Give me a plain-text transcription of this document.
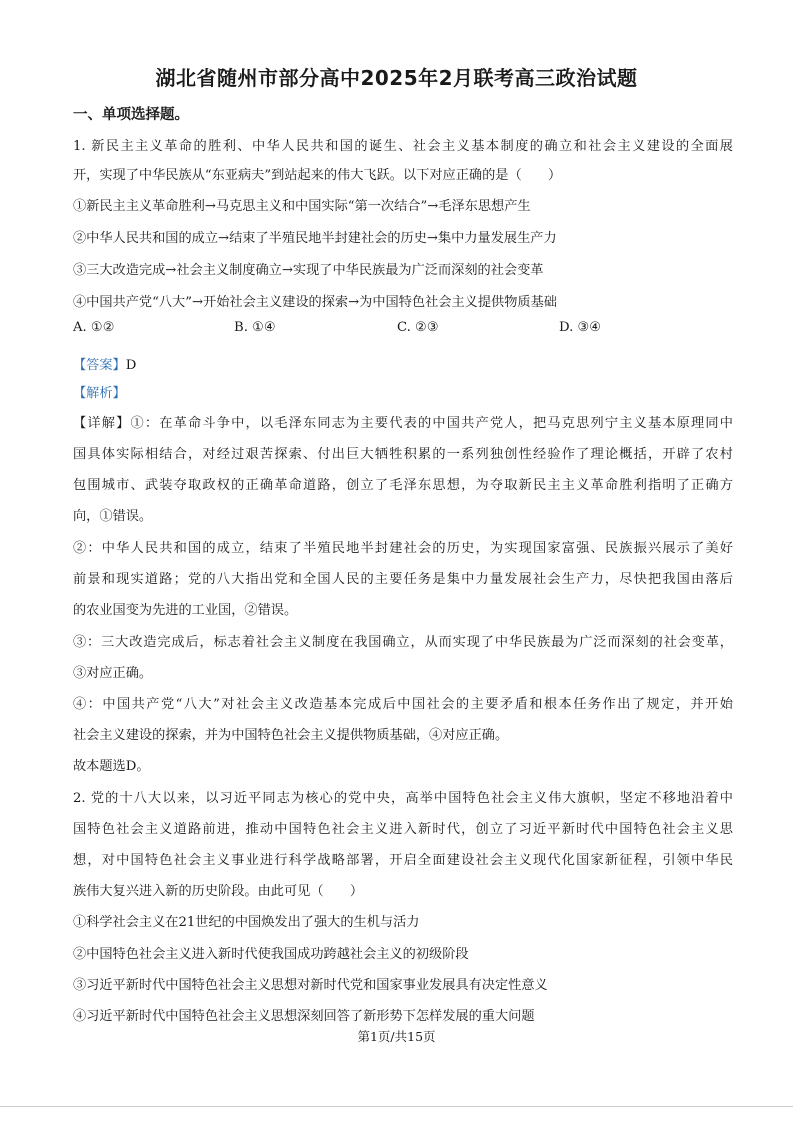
湖北省随州市部分高中2025年2月联考高三政治试题
一、单项选择题。
1. 新民主主义革命的胜利、中华人民共和国的诞生、社会主义基本制度的确立和社会主义建设的全面展
开，实现了中华民族从“东亚病夫”到站起来的伟大飞跃。以下对应正确的是（　　）
①新民主主义革命胜利→马克思主义和中国实际“第一次结合”→毛泽东思想产生
②中华人民共和国的成立→结束了半殖民地半封建社会的历史→集中力量发展生产力
③三大改造完成→社会主义制度确立→实现了中华民族最为广泛而深刻的社会变革
④中国共产党“八大”→开始社会主义建设的探索→为中国特色社会主义提供物质基础
A. ①②	B. ①④	C. ②③	D. ③④
【答案】D
【解析】
【详解】①：在革命斗争中，以毛泽东同志为主要代表的中国共产党人，把马克思列宁主义基本原理同中
国具体实际相结合，对经过艰苦探索、付出巨大牺牲积累的一系列独创性经验作了理论概括，开辟了农村
包围城市、武装夺取政权的正确革命道路，创立了毛泽东思想，为夺取新民主主义革命胜利指明了正确方
向，①错误。
②：中华人民共和国的成立，结束了半殖民地半封建社会的历史，为实现国家富强、民族振兴展示了美好
前景和现实道路；党的八大指出党和全国人民的主要任务是集中力量发展社会生产力，尽快把我国由落后
的农业国变为先进的工业国，②错误。
③：三大改造完成后，标志着社会主义制度在我国确立，从而实现了中华民族最为广泛而深刻的社会变革，
③对应正确。
④：中国共产党“八大”对社会主义改造基本完成后中国社会的主要矛盾和根本任务作出了规定，并开始
社会主义建设的探索，并为中国特色社会主义提供物质基础，④对应正确。
故本题选D。
2. 党的十八大以来，以习近平同志为核心的党中央，高举中国特色社会主义伟大旗帜，坚定不移地沿着中
国特色社会主义道路前进，推动中国特色社会主义进入新时代，创立了习近平新时代中国特色社会主义思
想，对中国特色社会主义事业进行科学战略部署，开启全面建设社会主义现代化国家新征程，引领中华民
族伟大复兴进入新的历史阶段。由此可见（　　）
①科学社会主义在21世纪的中国焕发出了强大的生机与活力
②中国特色社会主义进入新时代使我国成功跨越社会主义的初级阶段
③习近平新时代中国特色社会主义思想对新时代党和国家事业发展具有决定性意义
④习近平新时代中国特色社会主义思想深刻回答了新形势下怎样发展的重大问题
第1页/共15页
